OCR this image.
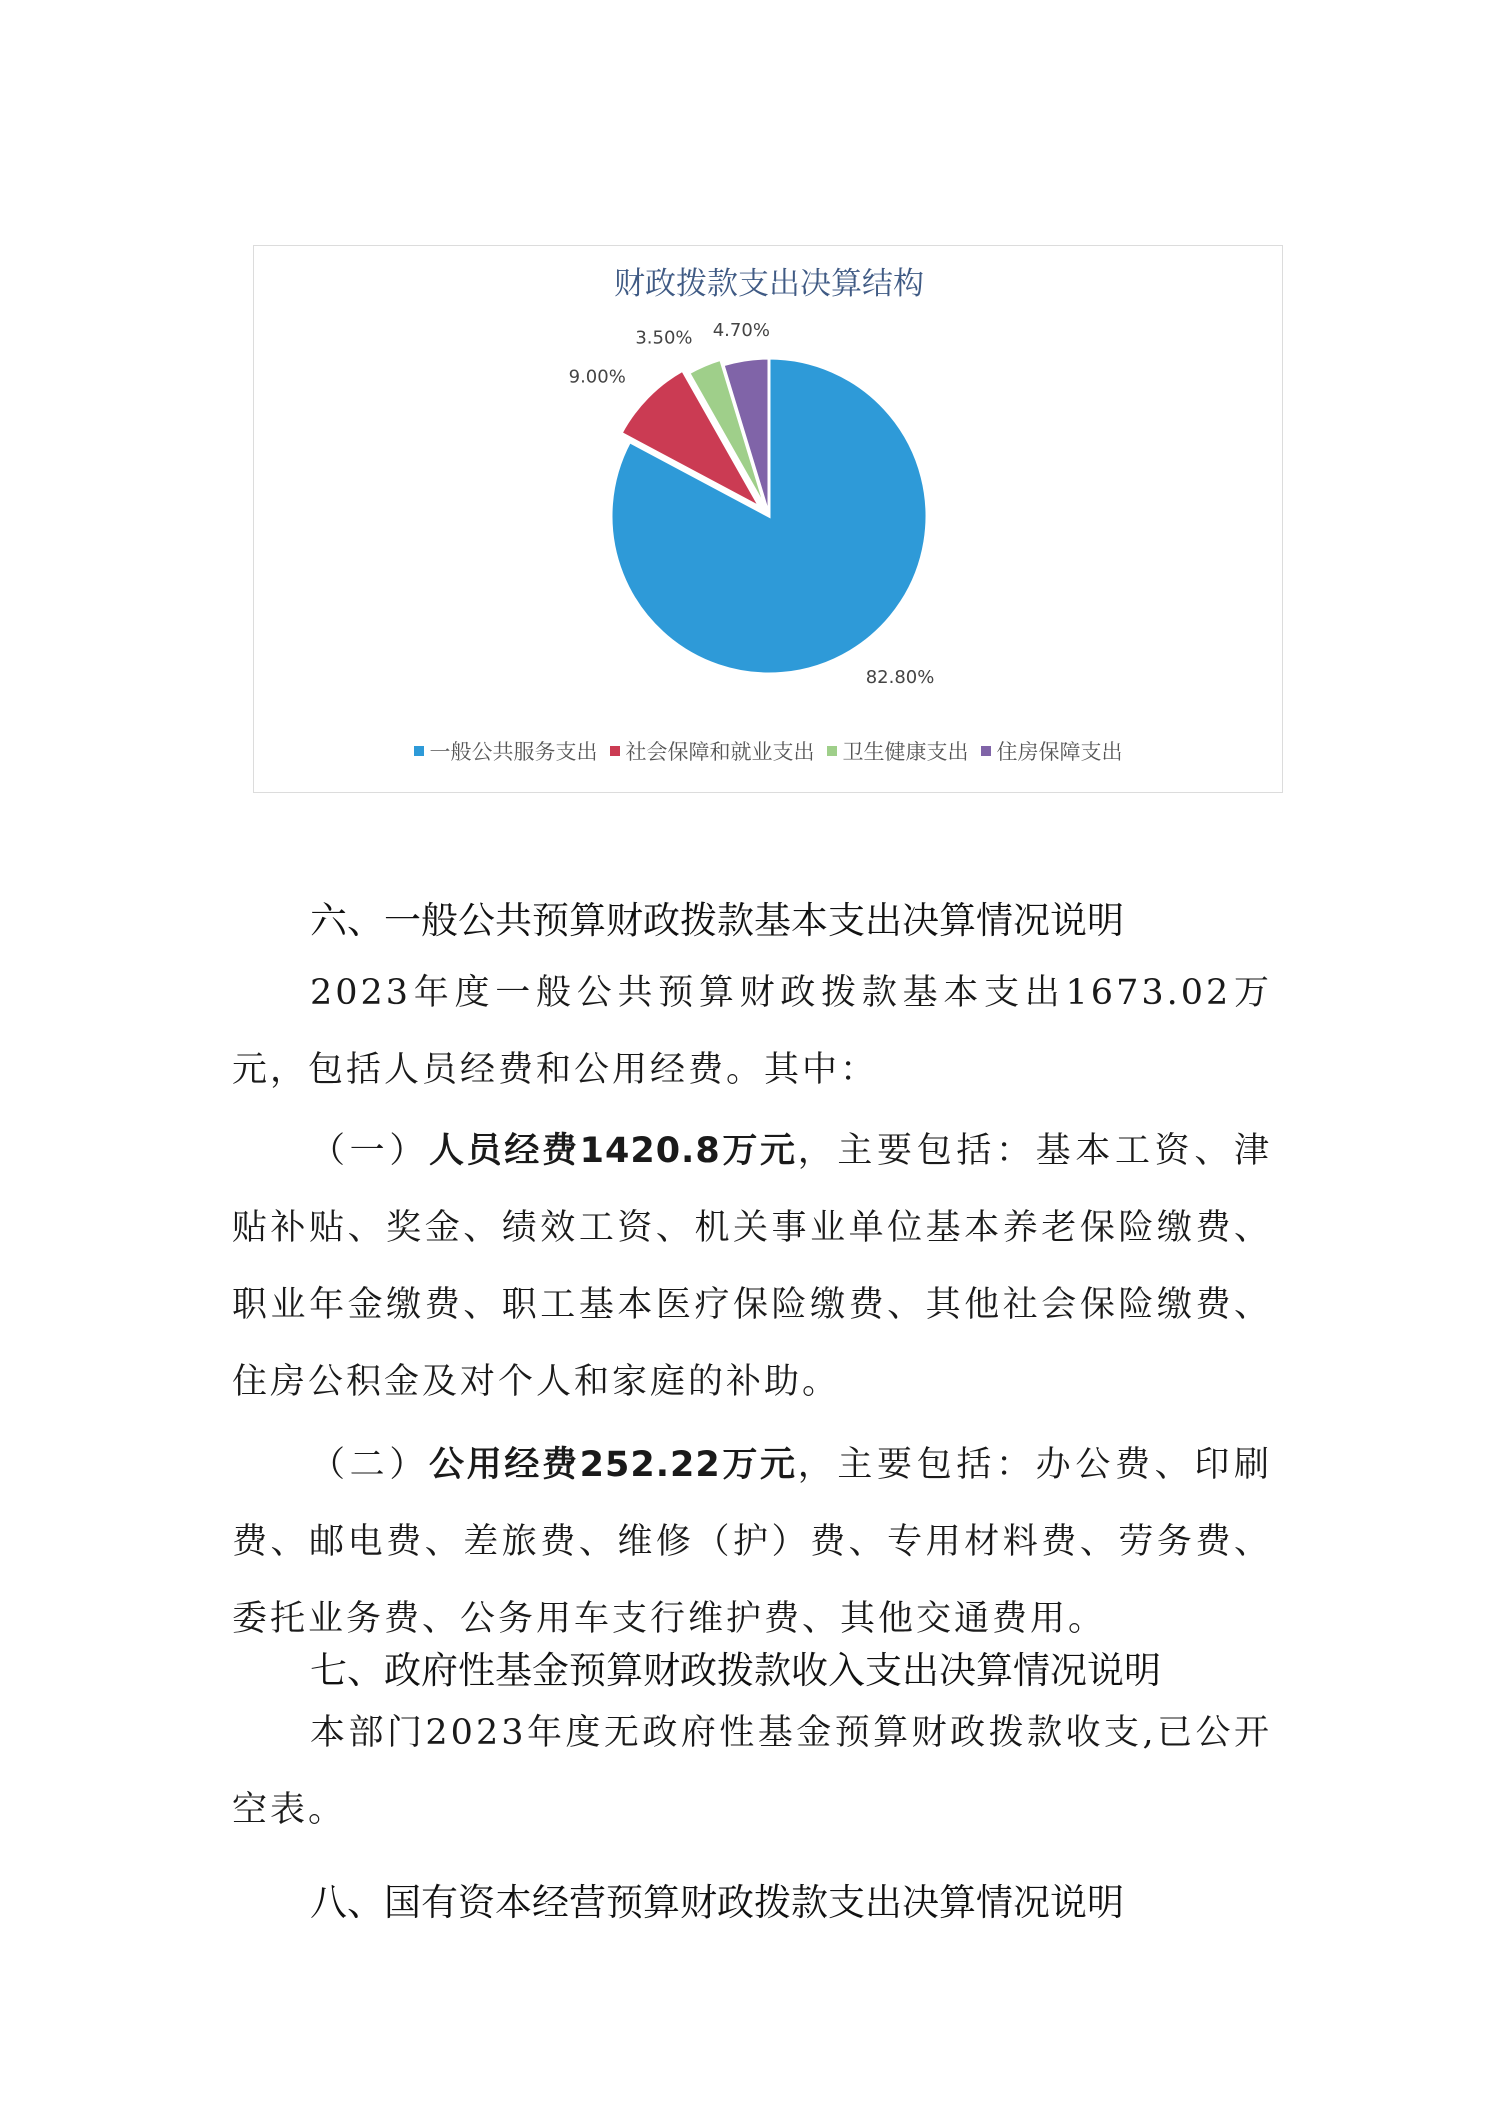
财政拨款支出决算结构
82.80%
9.00%
3.50% 4.70%
一般公共服务支出 社会保障和就业支出 卫生健康支出 住房保障支出
六、一般公共预算财政拨款基本支出决算情况说明

2023年度一般公共预算财政拨款基本支出1673.02万元，包括人员经费和公用经费。其中：

（一）人员经费1420.8万元，主要包括：基本工资、津贴补贴、奖金、绩效工资、机关事业单位基本养老保险缴费、职业年金缴费、职工基本医疗保险缴费、其他社会保险缴费、住房公积金及对个人和家庭的补助。

（二）公用经费252.22万元，主要包括：办公费、印刷费、邮电费、差旅费、维修（护）费、专用材料费、劳务费、委托业务费、公务用车支行维护费、其他交通费用。

七、政府性基金预算财政拨款收入支出决算情况说明

本部门2023年度无政府性基金预算财政拨款收支,已公开空表。

八、国有资本经营预算财政拨款支出决算情况说明
